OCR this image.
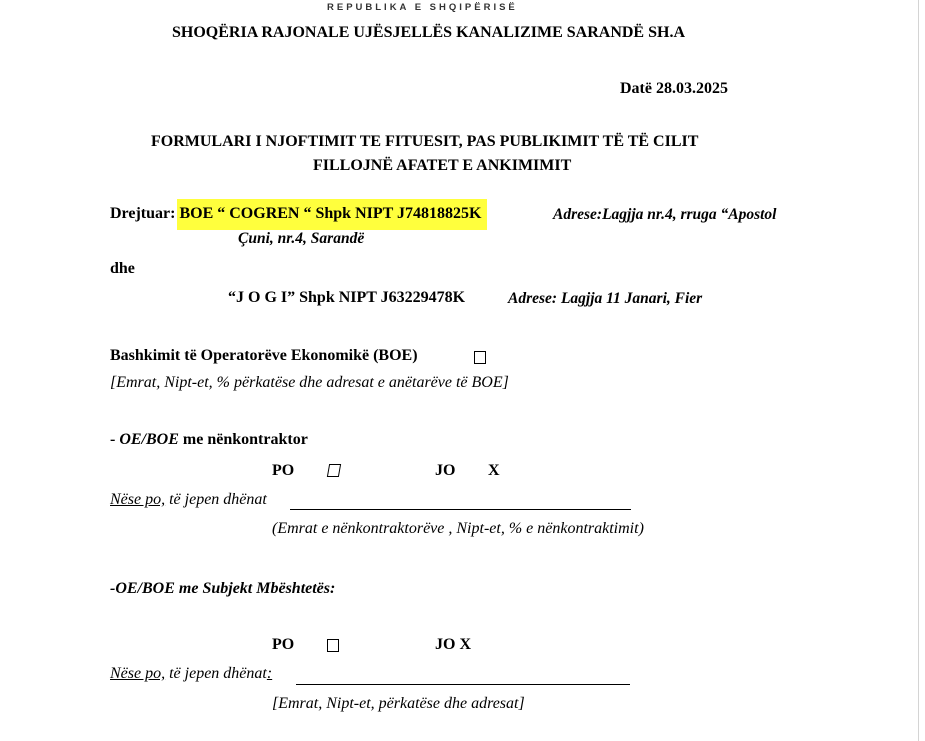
REPUBLIKA E SHQIPËRISË
SHOQËRIA RAJONALE UJËSJELLËS KANALIZIME SARANDË SH.A
Datë 28.03.2025
FORMULARI I NJOFTIMIT TE FITUESIT, PAS PUBLIKIMIT TË TË CILIT
FILLOJNË AFATET E ANKIMIMIT
Drejtuar: BOE “ COGREN “ Shpk NIPT J74818825K	Adrese:Lagjja nr.4, rruga “Apostol
Çuni, nr.4, Sarandë
dhe
“J O G I” Shpk NIPT J63229478K	Adrese: Lagjja 11 Janari, Fier
Bashkimit të Operatorëve Ekonomikë (BOE)
[Emrat, Nipt-et, % përkatëse dhe adresat e anëtarëve të BOE]
- OE/BOE me nënkontraktor
PO	JO X
Nëse po, të jepen dhënat
(Emrat e nënkontraktorëve , Nipt-et, % e nënkontraktimit)
-OE/BOE me Subjekt Mbështetës:
PO	JO X
Nëse po, të jepen dhënat:
[Emrat, Nipt-et, përkatëse dhe adresat]
